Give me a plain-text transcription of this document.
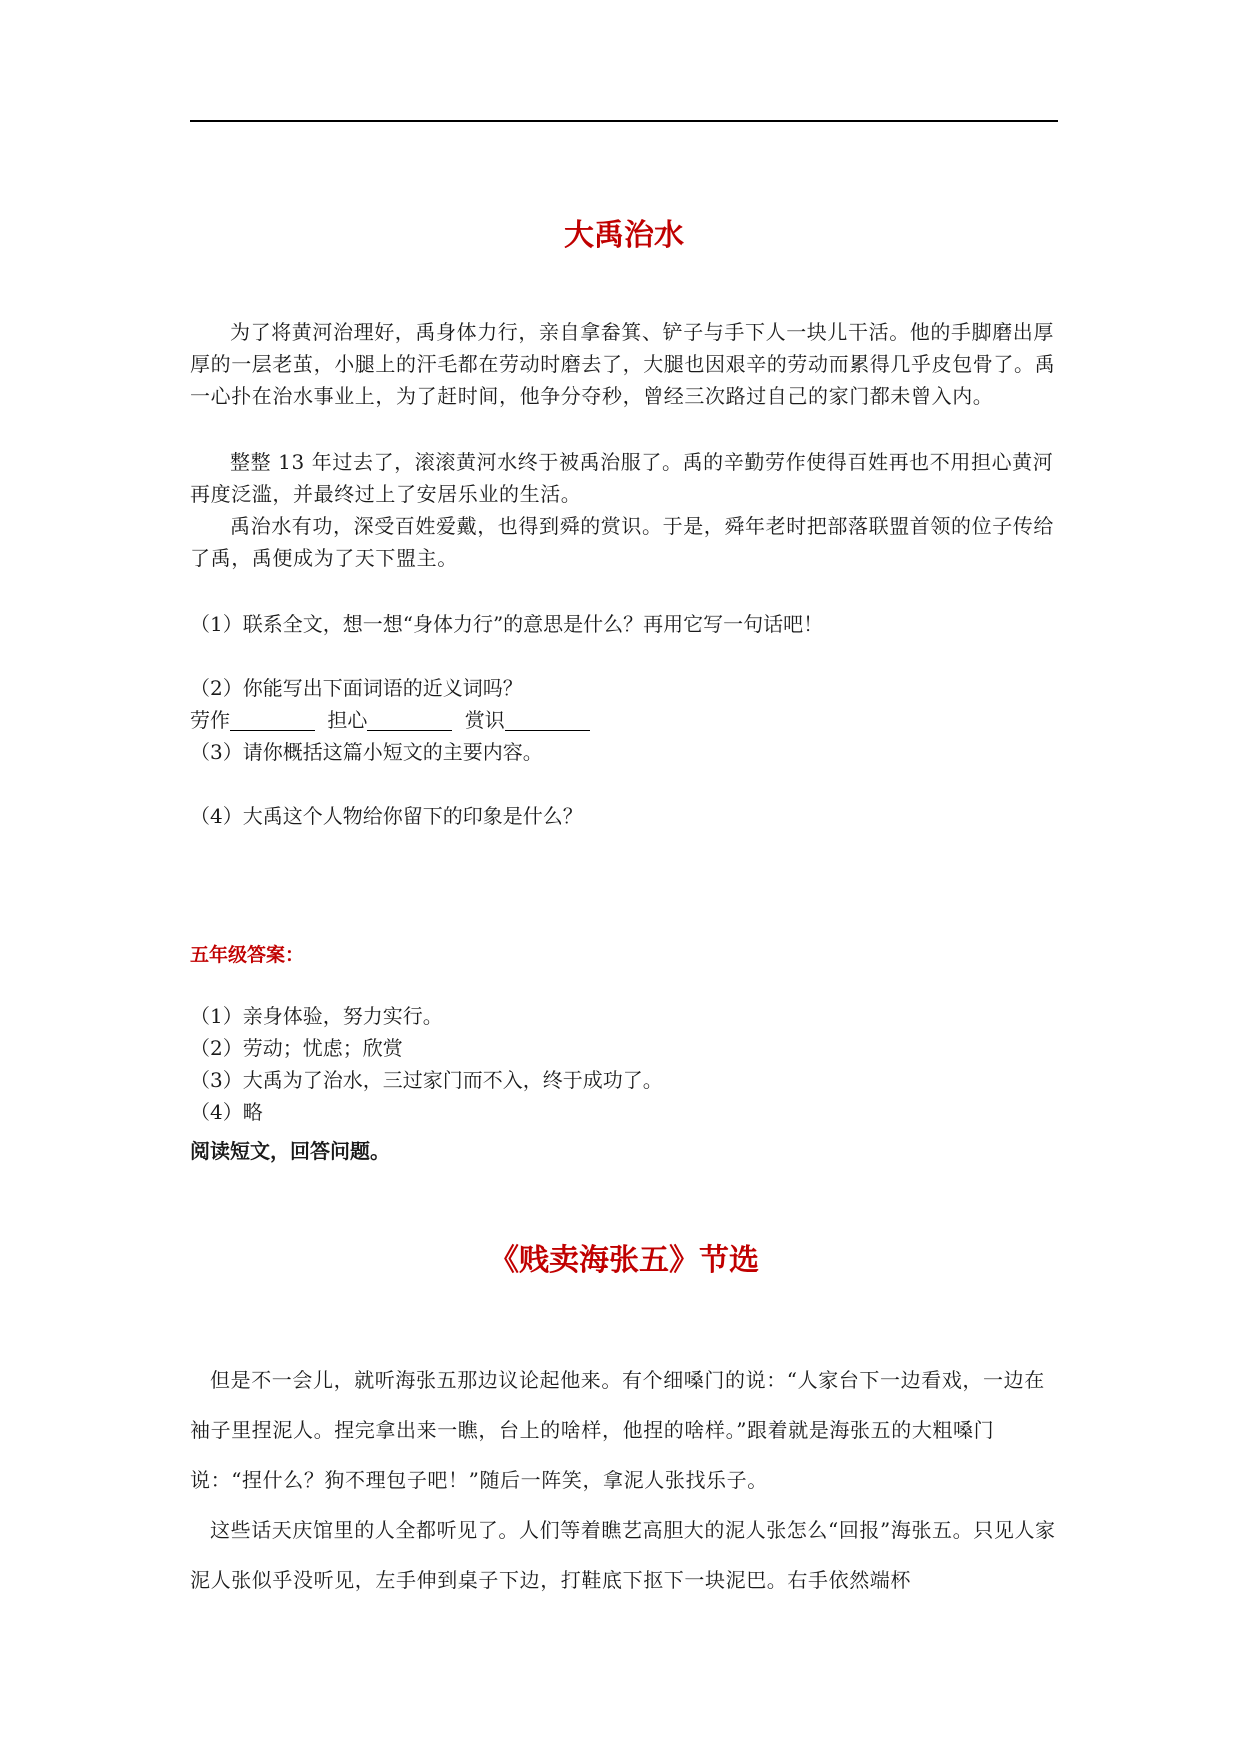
大禹治水

为了将黄河治理好，禹身体力行，亲自拿畚箕、铲子与手下人一块儿干活。他的手脚磨出厚厚的一层老茧，小腿上的汗毛都在劳动时磨去了，大腿也因艰辛的劳动而累得几乎皮包骨了。禹一心扑在治水事业上，为了赶时间，他争分夺秒，曾经三次路过自己的家门都未曾入内。

整整 13 年过去了，滚滚黄河水终于被禹治服了。禹的辛勤劳作使得百姓再也不用担心黄河再度泛滥，并最终过上了安居乐业的生活。

禹治水有功，深受百姓爱戴，也得到舜的赏识。于是，舜年老时把部落联盟首领的位子传给了禹，禹便成为了天下盟主。

（1）联系全文，想一想“身体力行”的意思是什么？再用它写一句话吧！

（2）你能写出下面词语的近义词吗？

劳作	担心	赏识

（3）请你概括这篇小短文的主要内容。

（4）大禹这个人物给你留下的印象是什么？

五年级答案：

（1）亲身体验，努力实行。

（2）劳动；忧虑；欣赏

（3）大禹为了治水，三过家门而不入，终于成功了。

（4）略

阅读短文，回答问题。

《贱卖海张五》节选

但是不一会儿，就听海张五那边议论起他来。有个细嗓门的说：“人家台下一边看戏，一边在袖子里捏泥人。捏完拿出来一瞧，台上的啥样，他捏的啥样。”跟着就是海张五的大粗嗓门说：“捏什么？狗不理包子吧！”随后一阵笑，拿泥人张找乐子。

这些话天庆馆里的人全都听见了。人们等着瞧艺高胆大的泥人张怎么“回报”海张五。只见人家泥人张似乎没听见，左手伸到桌子下边，打鞋底下抠下一块泥巴。右手依然端杯
